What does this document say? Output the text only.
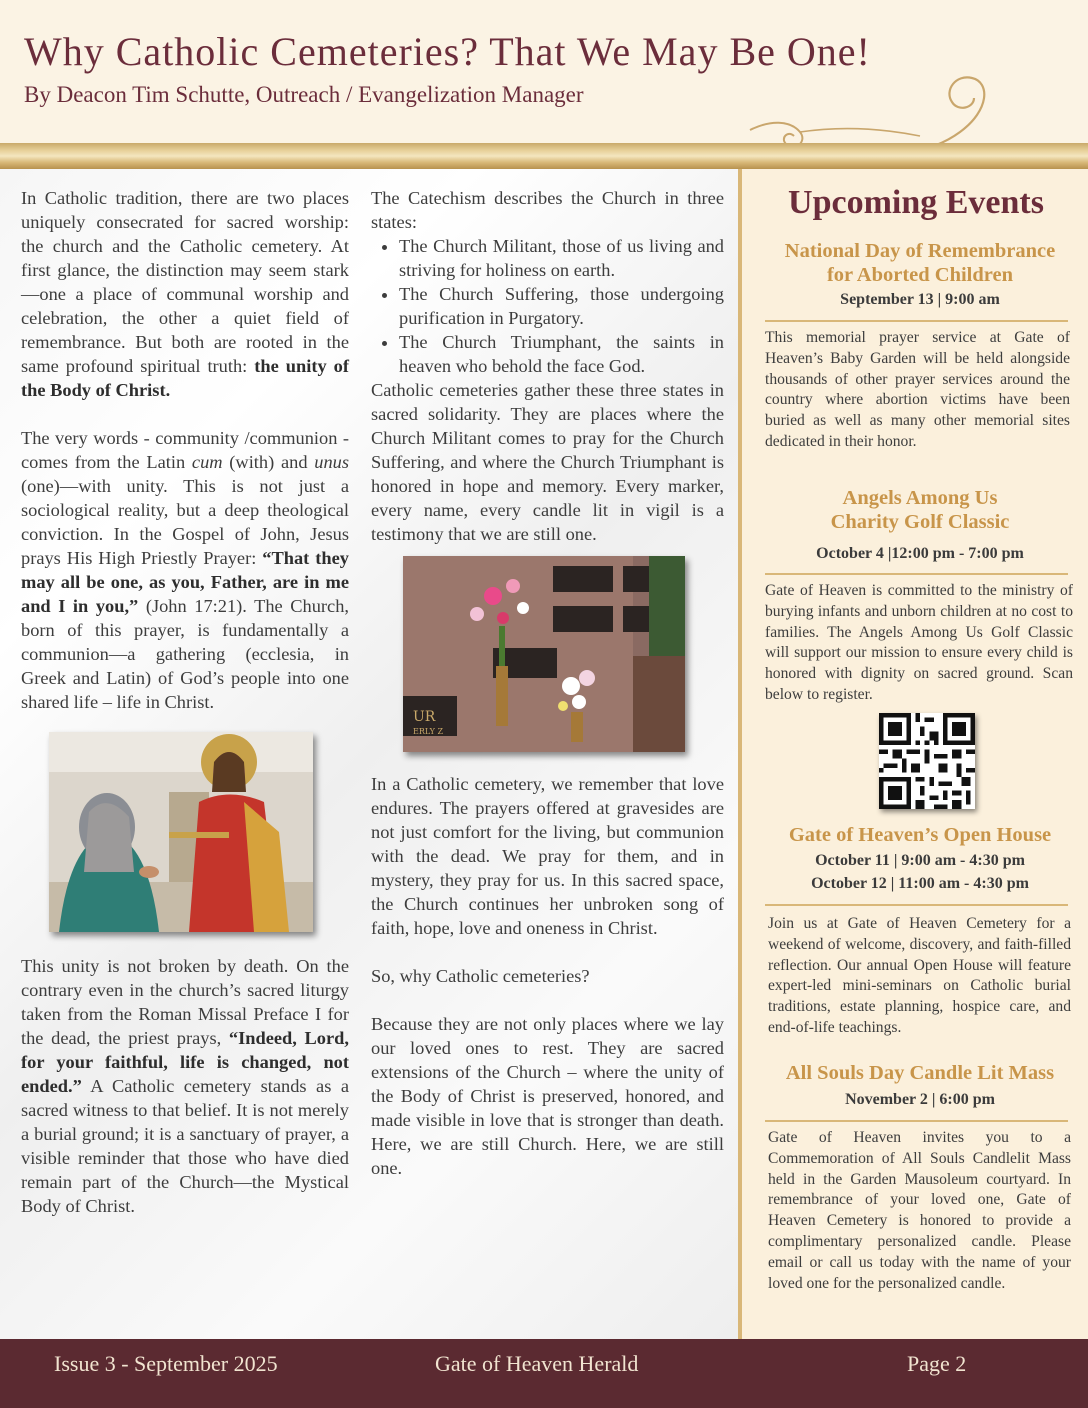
Why Catholic Cemeteries? That We May Be One!
By Deacon Tim Schutte, Outreach / Evangelization Manager

In Catholic tradition, there are two places uniquely consecrated for sacred worship: the church and the Catholic cemetery. At first glance, the distinction may seem stark—one a place of communal worship and celebration, the other a quiet field of remembrance. But both are rooted in the same profound spiritual truth: the unity of the Body of Christ.

The very words - community /communion - comes from the Latin cum (with) and unus (one)—with unity. This is not just a sociological reality, but a deep theological conviction. In the Gospel of John, Jesus prays His High Priestly Prayer: “That they may all be one, as you, Father, are in me and I in you,” (John 17:21). The Church, born of this prayer, is fundamentally a communion—a gathering (ecclesia, in Greek and Latin) of God’s people into one shared life – life in Christ.

This unity is not broken by death. On the contrary even in the church’s sacred liturgy taken from the Roman Missal Preface I for the dead, the priest prays, “Indeed, Lord, for your faithful, life is changed, not ended.” A Catholic cemetery stands as a sacred witness to that belief. It is not merely a burial ground; it is a sanctuary of prayer, a visible reminder that those who have died remain part of the Church—the Mystical Body of Christ.

The Catechism describes the Church in three states:

• The Church Militant, those of us living and striving for holiness on earth.
• The Church Suffering, those undergoing purification in Purgatory.
• The Church Triumphant, the saints in heaven who behold the face God.

Catholic cemeteries gather these three states in sacred solidarity. They are places where the Church Militant comes to pray for the Church Suffering, and where the Church Triumphant is honored in hope and memory. Every marker, every name, every candle lit in vigil is a testimony that we are still one.

UR
ERLY Z

In a Catholic cemetery, we remember that love endures. The prayers offered at gravesides are not just comfort for the living, but communion with the dead. We pray for them, and in mystery, they pray for us. In this sacred space, the Church continues her unbroken song of faith, hope, love and oneness in Christ.

So, why Catholic cemeteries?

Because they are not only places where we lay our loved ones to rest. They are sacred extensions of the Church – where the unity of the Body of Christ is preserved, honored, and made visible in love that is stronger than death. Here, we are still Church. Here, we are still one.

Upcoming Events
National Day of Remembrance
for Aborted Children
September 13 | 9:00 am
This memorial prayer service at Gate of Heaven’s Baby Garden will be held alongside thousands of other prayer services around the country where abortion victims have been buried as well as many other memorial sites dedicated in their honor.
Angels Among Us
Charity Golf Classic
October 4 |12:00 pm - 7:00 pm
Gate of Heaven is committed to the ministry of burying infants and unborn children at no cost to families. The Angels Among Us Golf Classic will support our mission to ensure every child is honored with dignity on sacred ground. Scan below to register.
Gate of Heaven’s Open House
October 11 | 9:00 am - 4:30 pm
October 12 | 11:00 am - 4:30 pm
Join us at Gate of Heaven Cemetery for a weekend of welcome, discovery, and faith-filled reflection. Our annual Open House will feature expert-led mini-seminars on Catholic burial traditions, estate planning, hospice care, and end-of-life teachings.
All Souls Day Candle Lit Mass
November 2 | 6:00 pm
Gate of Heaven invites you to a Commemoration of All Souls Candlelit Mass held in the Garden Mausoleum courtyard. In remembrance of your loved one, Gate of Heaven Cemetery is honored to provide a complimentary personalized candle. Please email or call us today with the name of your loved one for the personalized candle.
Issue 3 - September 2025	Gate of Heaven Herald	Page 2
